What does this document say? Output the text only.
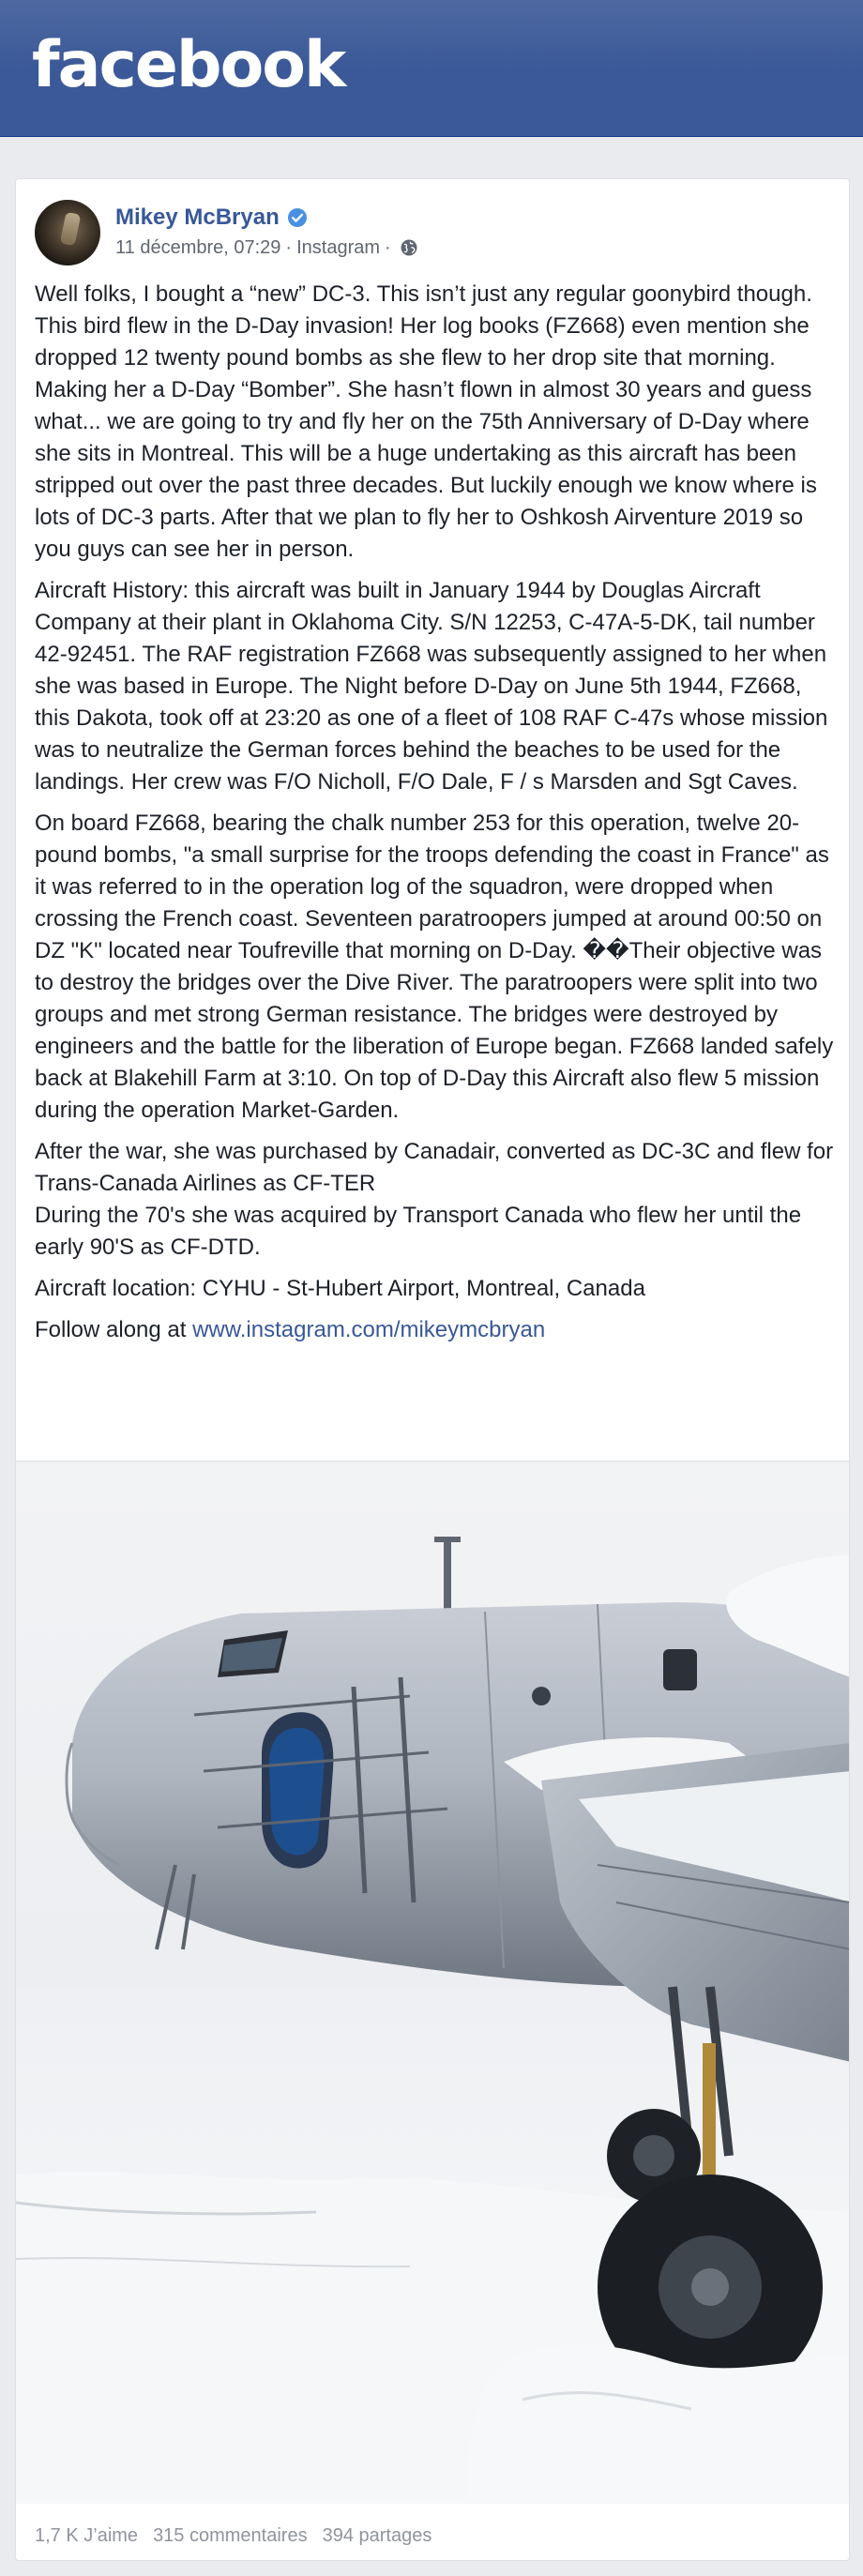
facebook
Mikey McBryan
11 décembre, 07:29 · Instagram ·

Well folks, I bought a “new” DC-3. This isn’t just any regular goonybird though. This bird flew in the D-Day invasion! Her log books (FZ668) even mention she dropped 12 twenty pound bombs as she flew to her drop site that morning. Making her a D-Day “Bomber”. She hasn’t flown in almost 30 years and guess what... we are going to try and fly her on the 75th Anniversary of D-Day where she sits in Montreal. This will be a huge undertaking as this aircraft has been stripped out over the past three decades. But luckily enough we know where is lots of DC-3 parts. After that we plan to fly her to Oshkosh Airventure 2019 so you guys can see her in person.

Aircraft History: this aircraft was built in January 1944 by Douglas Aircraft Company at their plant in Oklahoma City. S/N 12253, C-47A-5-DK, tail number 42-92451. The RAF registration FZ668 was subsequently assigned to her when she was based in Europe. The Night before D-Day on June 5th 1944, FZ668, this Dakota, took off at 23:20 as one of a fleet of 108 RAF C-47s whose mission was to neutralize the German forces behind the beaches to be used for the landings. Her crew was F/O Nicholl, F/O Dale, F / s Marsden and Sgt Caves.

On board FZ668, bearing the chalk number 253 for this operation, twelve 20-pound bombs, "a small surprise for the troops defending the coast in France" as it was referred to in the operation log of the squadron, were dropped when crossing the French coast. Seventeen paratroopers jumped at around 00:50 on DZ "K" located near Toufreville that morning on D-Day. ��Their objective was to destroy the bridges over the Dive River. The paratroopers were split into two groups and met strong German resistance. The bridges were destroyed by engineers and the battle for the liberation of Europe began. FZ668 landed safely back at Blakehill Farm at 3:10. On top of D-Day this Aircraft also flew 5 mission during the operation Market-Garden.

After the war, she was purchased by Canadair, converted as DC-3C and flew for Trans-Canada Airlines as CF-TER
During the 70's she was acquired by Transport Canada who flew her until the early 90'S as CF-DTD.

Aircraft location: CYHU - St-Hubert Airport, Montreal, Canada

Follow along at www.instagram.com/mikeymcbryan

1,7 K J’aime 315 commentaires 394 partages
